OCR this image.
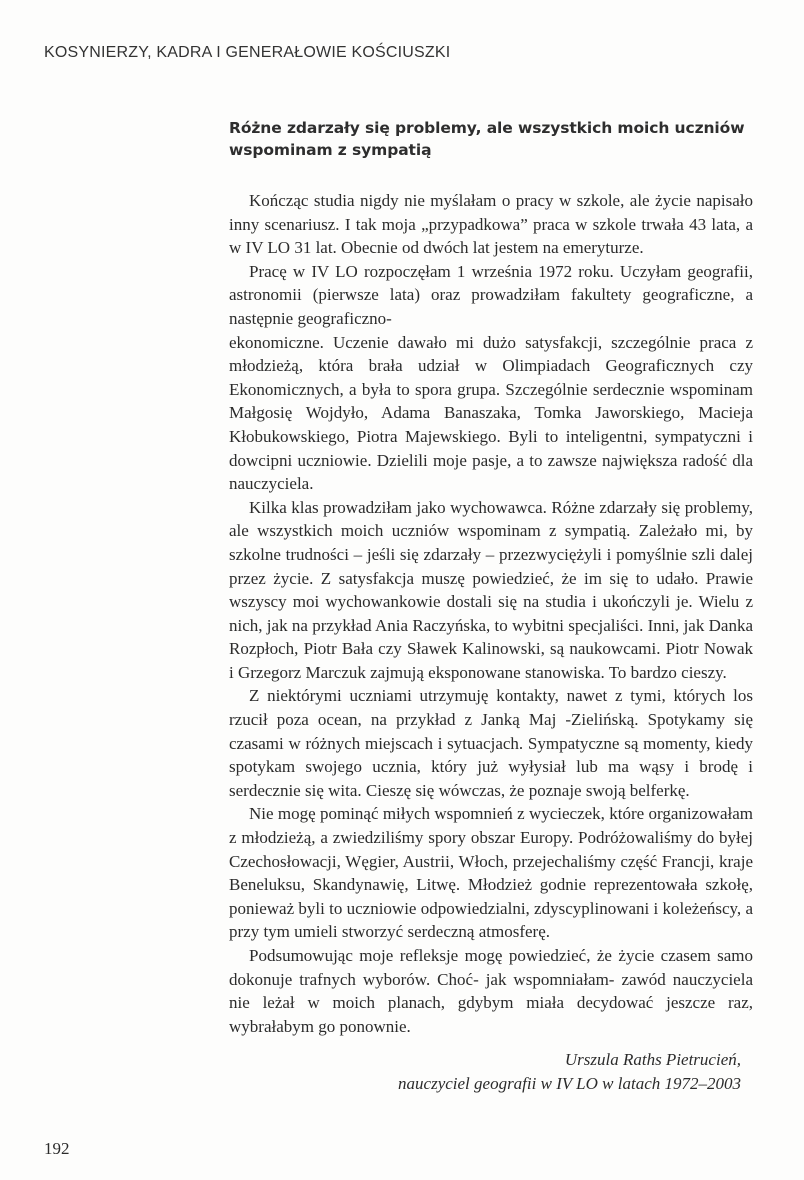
KOSYNIERZY, KADRA I GENERAŁOWIE KOŚCIUSZKI
Różne zdarzały się problemy, ale wszystkich moich uczniów
wspominam z sympatią

Kończąc studia nigdy nie myślałam o pracy w szkole, ale życie napisało inny scenariusz. I tak moja „przypadkowa” praca w szkole trwała 43 lata, a w IV LO 31 lat. Obecnie od dwóch lat jestem na emeryturze.

Pracę w IV LO rozpoczęłam 1 września 1972 roku. Uczyłam geografii, astronomii (pierwsze lata) oraz prowadziłam fakultety geograficzne, a następnie geograficzno-

ekonomiczne. Uczenie dawało mi dużo satysfakcji, szczególnie praca z młodzieżą, która brała udział w Olimpiadach Geograficznych czy Ekonomicznych, a była to spora grupa. Szczególnie serdecznie wspominam Małgosię Wojdyło, Adama Banaszaka, Tomka Jaworskiego, Macieja Kłobukowskiego, Piotra Majewskiego. Byli to inteligentni, sympatyczni i dowcipni uczniowie. Dzielili moje pasje, a to zawsze największa radość dla nauczyciela.

Kilka klas prowadziłam jako wychowawca. Różne zdarzały się problemy, ale wszystkich moich uczniów wspominam z sympatią. Zależało mi, by szkolne trudności – jeśli się zdarzały – przezwyciężyli i pomyślnie szli dalej przez życie. Z satysfakcja muszę powiedzieć, że im się to udało. Prawie wszyscy moi wychowankowie dostali się na studia i ukończyli je. Wielu z nich, jak na przykład Ania Raczyńska, to wybitni specjaliści. Inni, jak Danka Rozpłoch, Piotr Bała czy Sławek Kalinowski, są naukowcami. Piotr Nowak i Grzegorz Marczuk zajmują eksponowane stanowiska. To bardzo cieszy.

Z niektórymi uczniami utrzymuję kontakty, nawet z tymi, których los rzucił poza ocean, na przykład z Janką Maj -Zielińską. Spotykamy się czasami w różnych miejscach i sytuacjach. Sympatyczne są momenty, kiedy spotykam swojego ucznia, który już wyłysiał lub ma wąsy i brodę i serdecznie się wita. Cieszę się wówczas, że poznaje swoją belferkę.

Nie mogę pominąć miłych wspomnień z wycieczek, które organizowałam z młodzieżą, a zwiedziliśmy spory obszar Europy. Podróżowaliśmy do byłej Czechosłowacji, Węgier, Austrii, Włoch, przejechaliśmy część Francji, kraje Beneluksu, Skandynawię, Litwę. Młodzież godnie reprezentowała szkołę, ponieważ byli to uczniowie odpowiedzialni, zdyscyplinowani i koleżeńscy, a przy tym umieli stworzyć serdeczną atmosferę.

Podsumowując moje refleksje mogę powiedzieć, że życie czasem samo dokonuje trafnych wyborów. Choć- jak wspomniałam- zawód nauczyciela nie leżał w moich planach, gdybym miała decydować jeszcze raz, wybrałabym go ponownie.

Urszula Raths Pietrucień,
nauczyciel geografii w IV LO w latach 1972–2003
192
